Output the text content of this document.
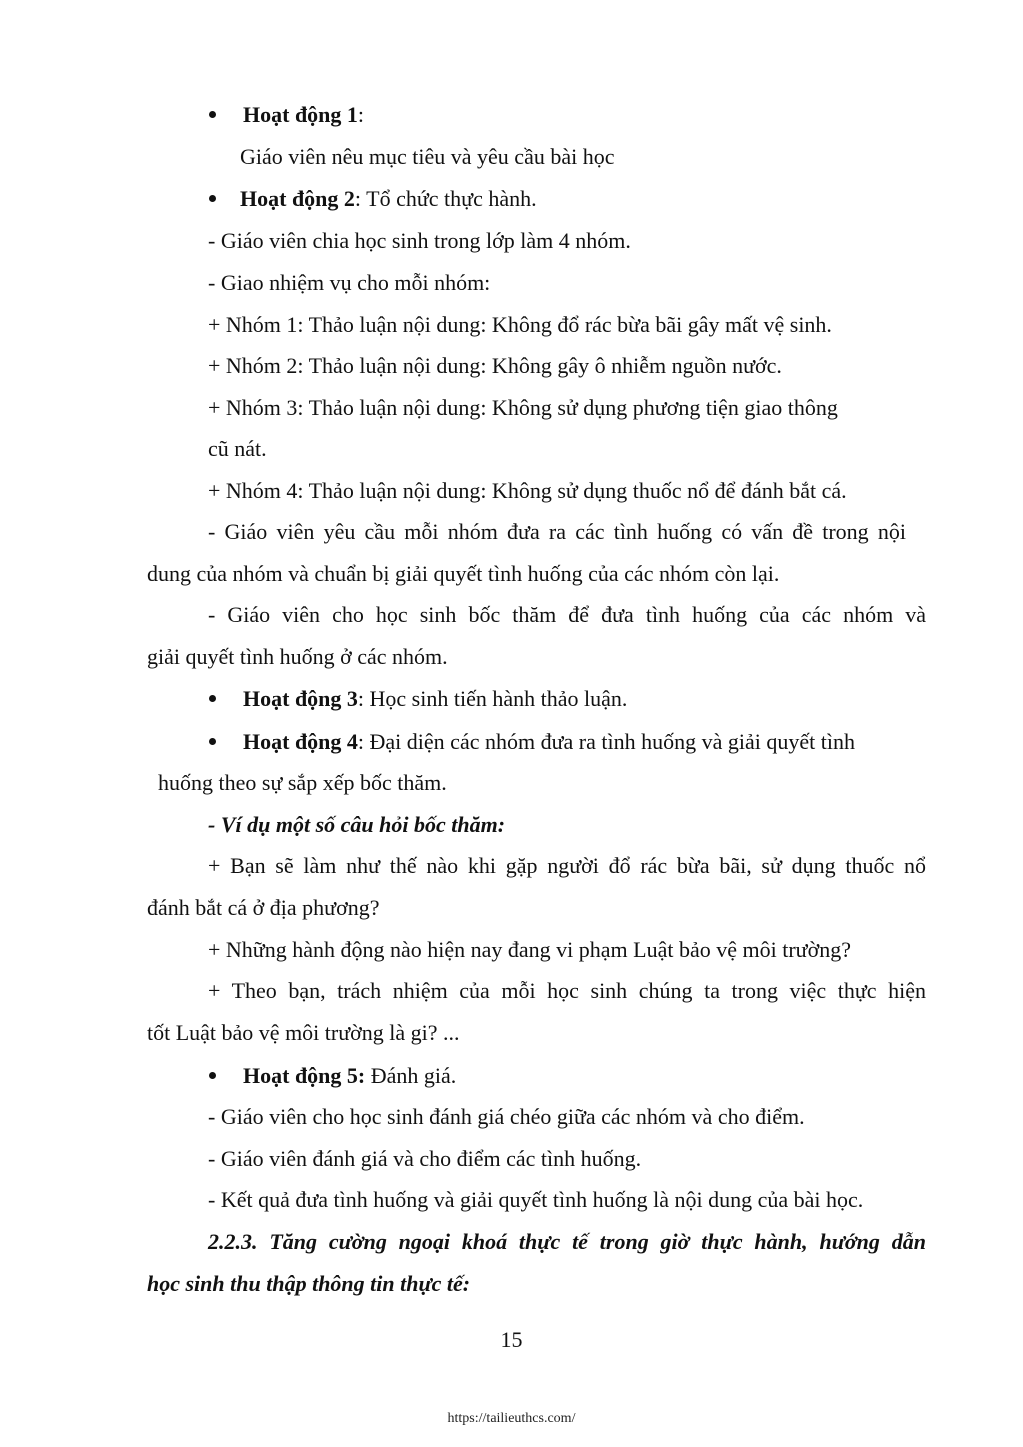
Hoạt động 1:
Giáo viên nêu mục tiêu và yêu cầu bài học
Hoạt động 2: Tổ chức thực hành.
- Giáo viên chia học sinh trong lớp làm 4 nhóm.
- Giao nhiệm vụ cho mỗi nhóm:
+ Nhóm 1: Thảo luận nội dung: Không đổ rác bừa bãi gây mất vệ sinh.
+ Nhóm 2: Thảo luận nội dung: Không gây ô nhiễm nguồn nước.
+ Nhóm 3: Thảo luận nội dung: Không sử dụng phương tiện giao thông
cũ nát.
+ Nhóm 4: Thảo luận nội dung: Không sử dụng thuốc nổ để đánh bắt cá.
- Giáo viên yêu cầu mỗi nhóm đưa ra các tình huống có vấn đề trong nội
dung của nhóm và chuẩn bị giải quyết tình huống của các nhóm còn lại.
- Giáo viên cho học sinh bốc thăm để đưa tình huống của các nhóm và
giải quyết tình huống ở các nhóm.
Hoạt động 3: Học sinh tiến hành thảo luận.
Hoạt động 4: Đại diện các nhóm đưa ra tình huống và giải quyết tình
huống theo sự sắp xếp bốc thăm.
- Ví dụ một số câu hỏi bốc thăm:
+ Bạn sẽ làm như thế nào khi gặp người đổ rác bừa bãi, sử dụng thuốc nổ
đánh bắt cá ở địa phương?
+ Những hành động nào hiện nay đang vi phạm Luật bảo vệ môi trường?
+ Theo bạn, trách nhiệm của mỗi học sinh chúng ta trong việc thực hiện
tốt Luật bảo vệ môi trường là gi? ...
Hoạt động 5: Đánh giá.
- Giáo viên cho học sinh đánh giá chéo giữa các nhóm và cho điểm.
- Giáo viên đánh giá và cho điểm các tình huống.
- Kết quả đưa tình huống và giải quyết tình huống là nội dung của bài học.
2.2.3. Tăng cường ngoại khoá thực tế trong giờ thực hành, hướng dẫn
học sinh thu thập thông tin thực tế:
15
https://tailieuthcs.com/
